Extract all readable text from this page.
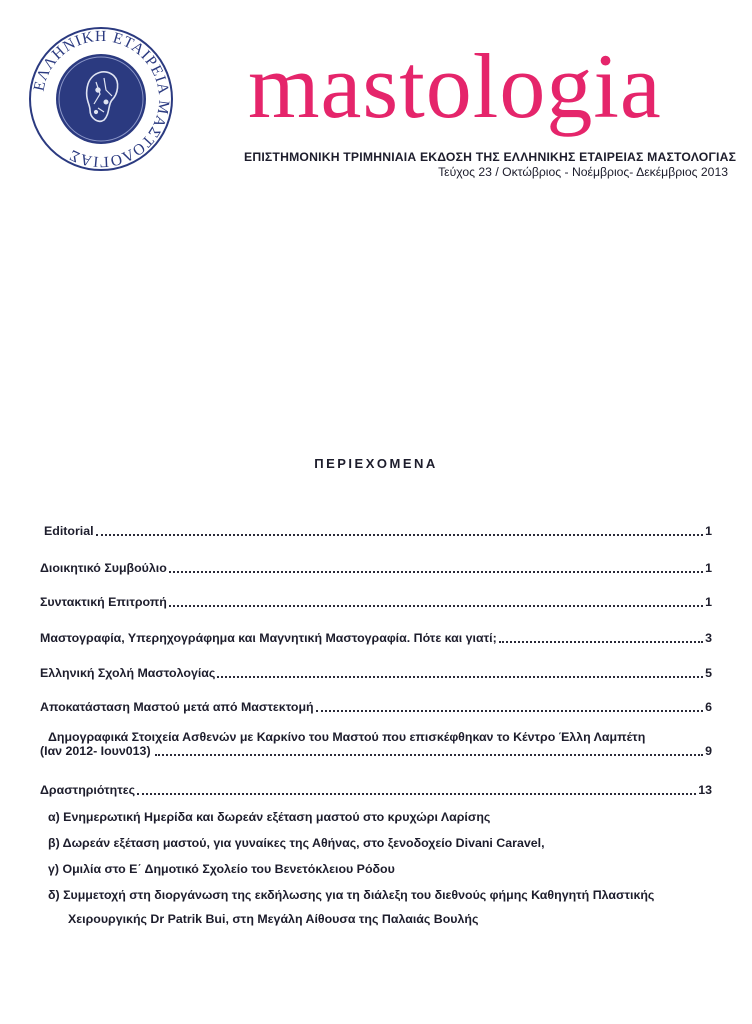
ΕΛΛΗΝΙΚΗ ΕΤΑΙΡΕΙΑ ΜΑΣΤΟΛΟΓΙΑΣ
mastologia
ΕΠΙΣΤΗΜΟΝΙΚΗ ΤΡΙΜΗΝΙΑΙΑ ΕΚΔΟΣΗ ΤΗΣ ΕΛΛΗΝΙΚΗΣ ΕΤΑΙΡΕΙΑΣ ΜΑΣΤΟΛΟΓΙΑΣ
Τεύχος 23 / Οκτώβριος - Νοέμβριος- Δεκέμβριος 2013
ΠΕΡΙΕΧΟΜΕΝΑ
Editorial	1
Διοικητικό Συμβούλιο	1
Συντακτική Επιτροπή	1
Μαστογραφία, Υπερηχογράφημα και Μαγνητική Μαστογραφία. Πότε και γιατί;	3
Ελληνική Σχολή Μαστολογίας	5
Αποκατάσταση Μαστού μετά από Μαστεκτομή	6
Δημογραφικά Στοιχεία Ασθενών με Καρκίνο του Μαστού που επισκέφθηκαν το Κέντρο Έλλη Λαμπέτη
(Ιαν 2012- Ιουν013)	9
Δραστηριότητες	13
α) Ενημερωτική Ημερίδα και δωρεάν εξέταση μαστού στο κρυχώρι Λαρίσης
β) Δωρεάν εξέταση μαστού, για γυναίκες της Αθήνας, στο ξενοδοχείο Divani Caravel,
γ) Ομιλία στο Ε΄ Δημοτικό Σχολείο του Βενετόκλειου Ρόδου
δ) Συμμετοχή στη διοργάνωση της εκδήλωσης για τη διάλεξη του διεθνούς φήμης Καθηγητή Πλαστικής
Χειρουργικής Dr Patrik Bui, στη Μεγάλη Αίθουσα της Παλαιάς Βουλής
